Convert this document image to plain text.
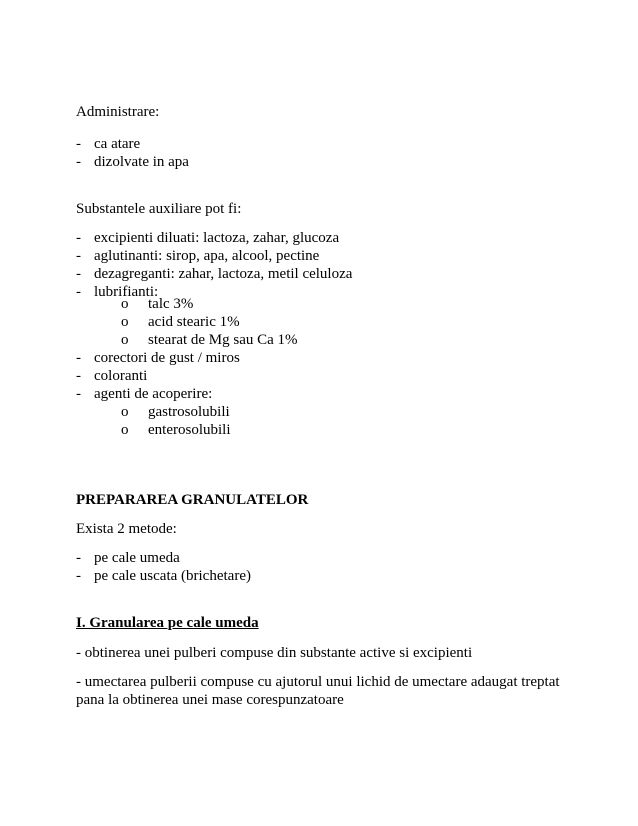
Administrare:
- ca atare
- dizolvate in apa
Substantele auxiliare pot fi:
- excipienti diluati: lactoza, zahar, glucoza
- aglutinanti: sirop, apa, alcool, pectine
- dezagreganti: zahar, lactoza, metil celuloza
- lubrifianti:
o talc 3%
o acid stearic 1%
o stearat de Mg sau Ca 1%
- corectori de gust / miros
- coloranti
- agenti de acoperire:
o gastrosolubili
o enterosolubili
PREPARAREA GRANULATELOR
Exista 2 metode:
- pe cale umeda
- pe cale uscata (brichetare)
I. Granularea pe cale umeda
- obtinerea unei pulberi compuse din substante active si excipienti
- umectarea pulberii compuse cu ajutorul unui lichid de umectare adaugat treptat
pana la obtinerea unei mase corespunzatoare
